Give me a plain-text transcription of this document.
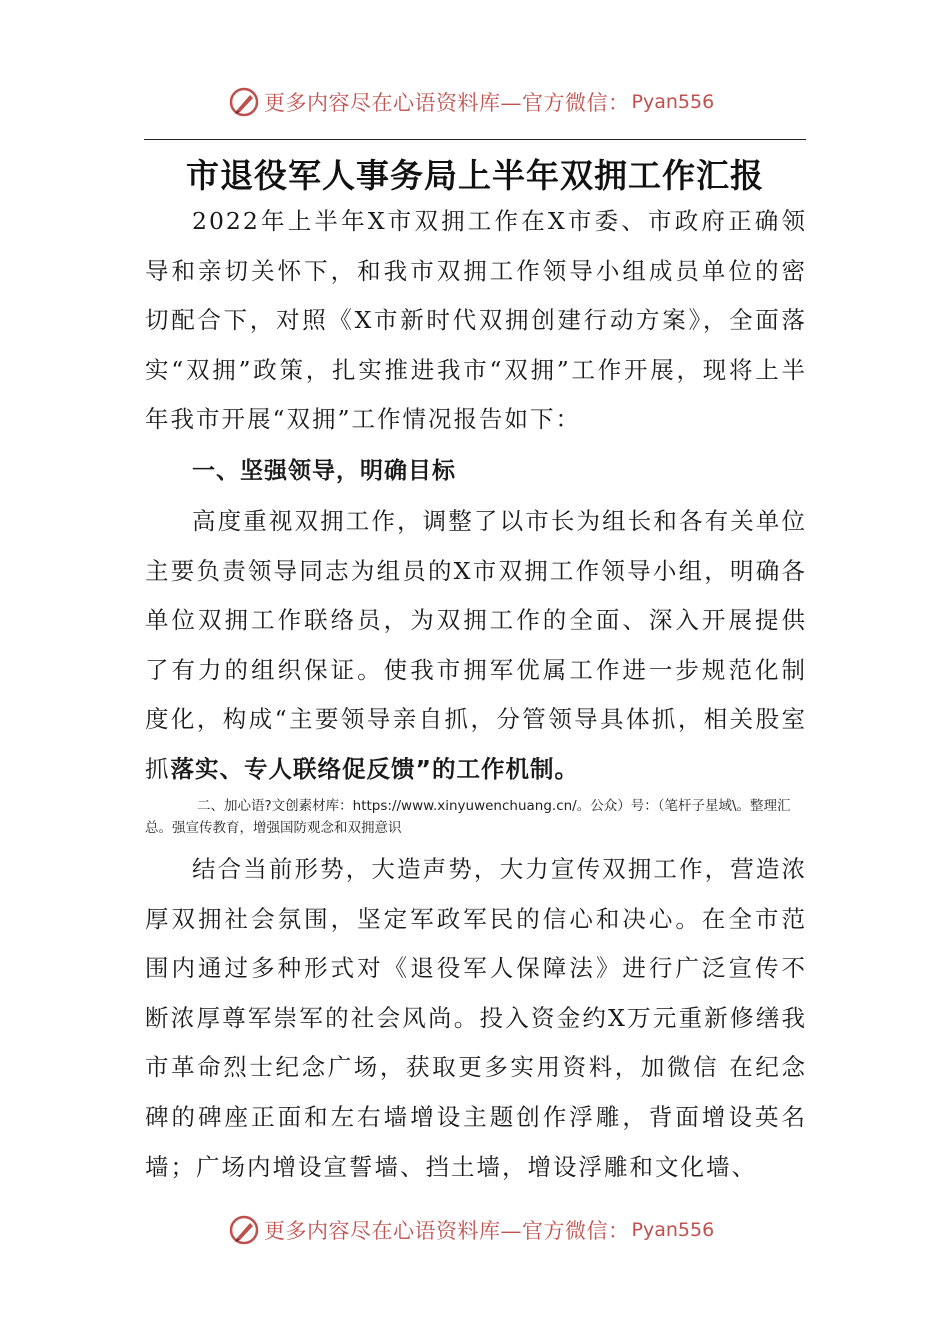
更多内容尽在心语资料库—官方微信： Pyan556
市退役军人事务局上半年双拥工作汇报

2022年上半年X市双拥工作在X市委、市政府正确领导和亲切关怀下，和我市双拥工作领导小组成员单位的密切配合下，对照《X市新时代双拥创建行动方案》，全面落实“双拥”政策，扎实推进我市“双拥”工作开展，现将上半年我市开展“双拥”工作情况报告如下：

一、坚强领导，明确目标

高度重视双拥工作，调整了以市长为组长和各有关单位主要负责领导同志为组员的X市双拥工作领导小组，明确各单位双拥工作联络员，为双拥工作的全面、深入开展提供了有力的组织保证。使我市拥军优属工作进一步规范化制度化，构成“主要领导亲自抓，分管领导具体抓，相关股室抓落实、专人联络促反馈”的工作机制。

二、加心语?文创素材库：https://www.xinyuwenchuang.cn/。公众）号：（笔杆子星域\。整理汇总。强宣传教育，增强国防观念和双拥意识

结合当前形势，大造声势，大力宣传双拥工作，营造浓厚双拥社会氛围，坚定军政军民的信心和决心。在全市范围内通过多种形式对《退役军人保障法》进行广泛宣传不断浓厚尊军崇军的社会风尚。投入资金约X万元重新修缮我市革命烈士纪念广场，获取更多实用资料，加微信 在纪念碑的碑座正面和左右墙增设主题创作浮雕，背面增设英名墙；广场内增设宣誓墙、挡土墙，增设浮雕和文化墙、

更多内容尽在心语资料库—官方微信： Pyan556
